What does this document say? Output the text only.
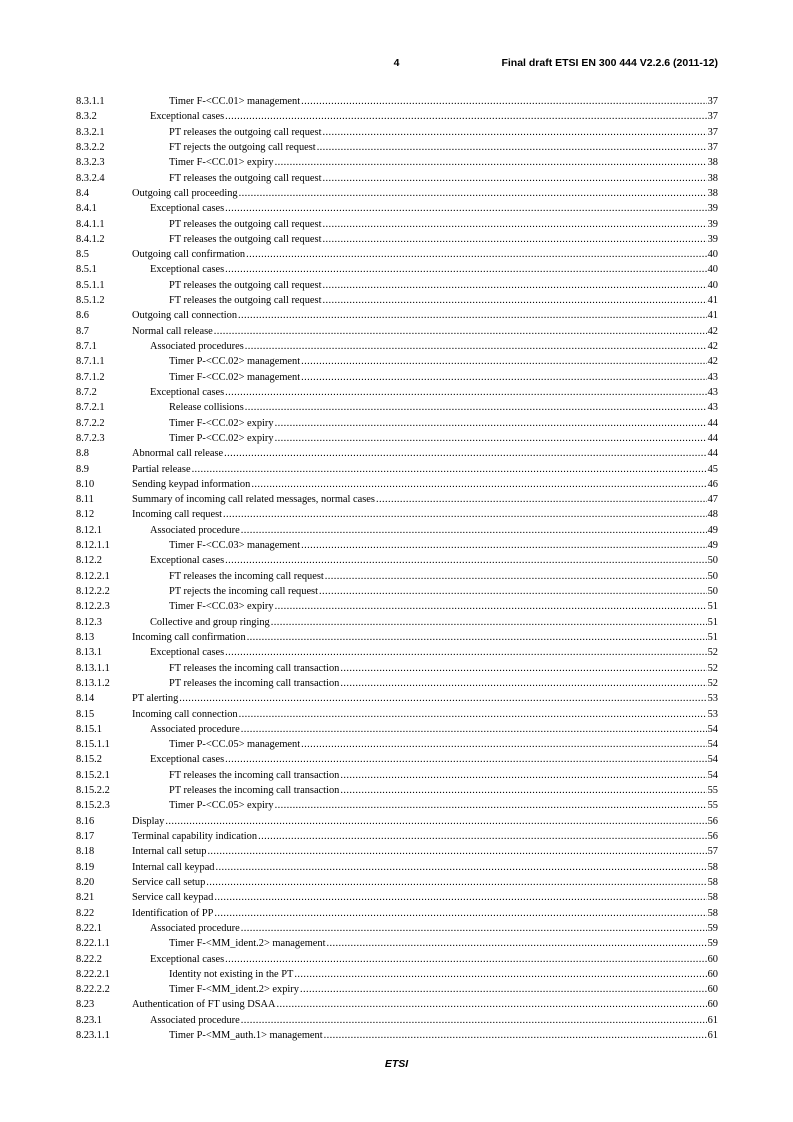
4	Final draft ETSI EN 300 444 V2.2.6 (2011-12)
8.3.1.1	Timer F-<CC.01> management .....	37
8.3.2	Exceptional cases .....	37
8.3.2.1	PT releases the outgoing call request .....	37
8.3.2.2	FT rejects the outgoing call request .....	37
8.3.2.3	Timer F-<CC.01> expiry .....	38
8.3.2.4	FT releases the outgoing call request .....	38
8.4	Outgoing call proceeding .....	38
8.4.1	Exceptional cases .....	39
8.4.1.1	PT releases the outgoing call request .....	39
8.4.1.2	FT releases the outgoing call request .....	39
8.5	Outgoing call confirmation .....	40
8.5.1	Exceptional cases .....	40
8.5.1.1	PT releases the outgoing call request .....	40
8.5.1.2	FT releases the outgoing call request .....	41
8.6	Outgoing call connection .....	41
8.7	Normal call release .....	42
8.7.1	Associated procedures .....	42
8.7.1.1	Timer P-<CC.02> management .....	42
8.7.1.2	Timer F-<CC.02> management .....	43
8.7.2	Exceptional cases .....	43
8.7.2.1	Release collisions .....	43
8.7.2.2	Timer F-<CC.02> expiry .....	44
8.7.2.3	Timer P-<CC.02> expiry .....	44
8.8	Abnormal call release .....	44
8.9	Partial release .....	45
8.10	Sending keypad information .....	46
8.11	Summary of incoming call related messages, normal cases .....	47
8.12	Incoming call request .....	48
8.12.1	Associated procedure .....	49
8.12.1.1	Timer F-<CC.03> management .....	49
8.12.2	Exceptional cases .....	50
8.12.2.1	FT releases the incoming call request .....	50
8.12.2.2	PT rejects the incoming call request .....	50
8.12.2.3	Timer F-<CC.03> expiry .....	51
8.12.3	Collective and group ringing .....	51
8.13	Incoming call confirmation .....	51
8.13.1	Exceptional cases .....	52
8.13.1.1	FT releases the incoming call transaction .....	52
8.13.1.2	PT releases the incoming call transaction .....	52
8.14	PT alerting .....	53
8.15	Incoming call connection .....	53
8.15.1	Associated procedure .....	54
8.15.1.1	Timer P-<CC.05> management .....	54
8.15.2	Exceptional cases .....	54
8.15.2.1	FT releases the incoming call transaction .....	54
8.15.2.2	PT releases the incoming call transaction .....	55
8.15.2.3	Timer P-<CC.05> expiry .....	55
8.16	Display .....	56
8.17	Terminal capability indication .....	56
8.18	Internal call setup .....	57
8.19	Internal call keypad .....	58
8.20	Service call setup .....	58
8.21	Service call keypad .....	58
8.22	Identification of PP .....	58
8.22.1	Associated procedure .....	59
8.22.1.1	Timer F-<MM_ident.2> management .....	59
8.22.2	Exceptional cases .....	60
8.22.2.1	Identity not existing in the PT .....	60
8.22.2.2	Timer F-<MM_ident.2> expiry .....	60
8.23	Authentication of FT using DSAA .....	60
8.23.1	Associated procedure .....	61
8.23.1.1	Timer P-<MM_auth.1> management .....	61
ETSI
